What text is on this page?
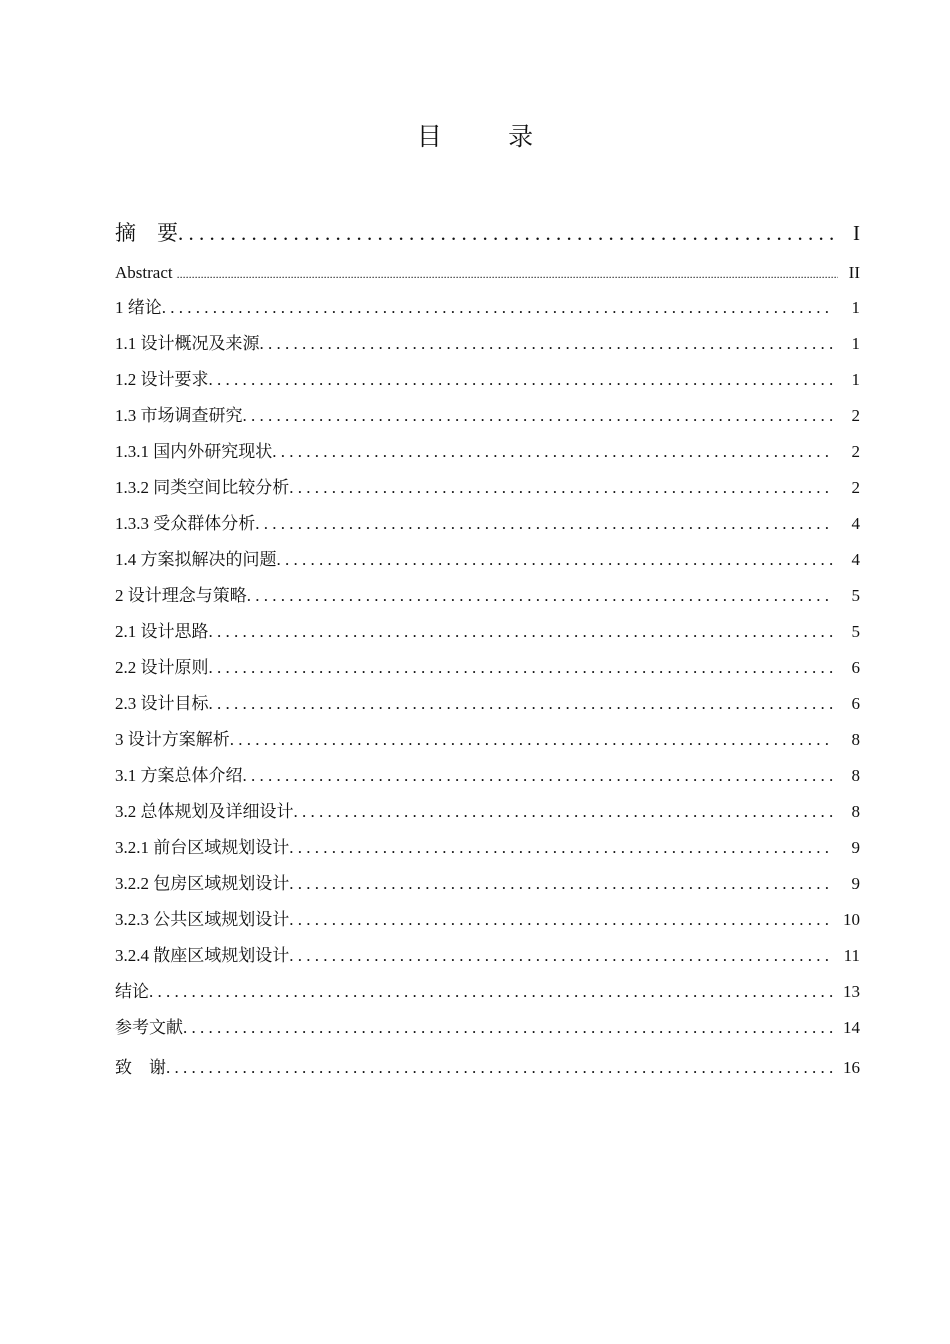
目 录
摘　要 . . .	I
Abstract .....	II
1 绪论 . . .	1
1.1 设计概况及来源 . . .	1
1.2 设计要求 . . .	1
1.3 市场调查研究 . . .	2
1.3.1 国内外研究现状 . . .	2
1.3.2 同类空间比较分析 . . .	2
1.3.3 受众群体分析 . . .	4
1.4 方案拟解决的问题 . . .	4
2 设计理念与策略 . . .	5
2.1 设计思路 . . .	5
2.2 设计原则 . . .	6
2.3 设计目标 . . .	6
3 设计方案解析 . . .	8
3.1 方案总体介绍 . . .	8
3.2 总体规划及详细设计 . . .	8
3.2.1 前台区域规划设计 . . .	9
3.2.2 包房区域规划设计 . . .	9
3.2.3 公共区域规划设计 . . .	10
3.2.4 散座区域规划设计 . . .	11
结论 . . .	13
参考文献 . . .	14
致　谢 . . .	16
